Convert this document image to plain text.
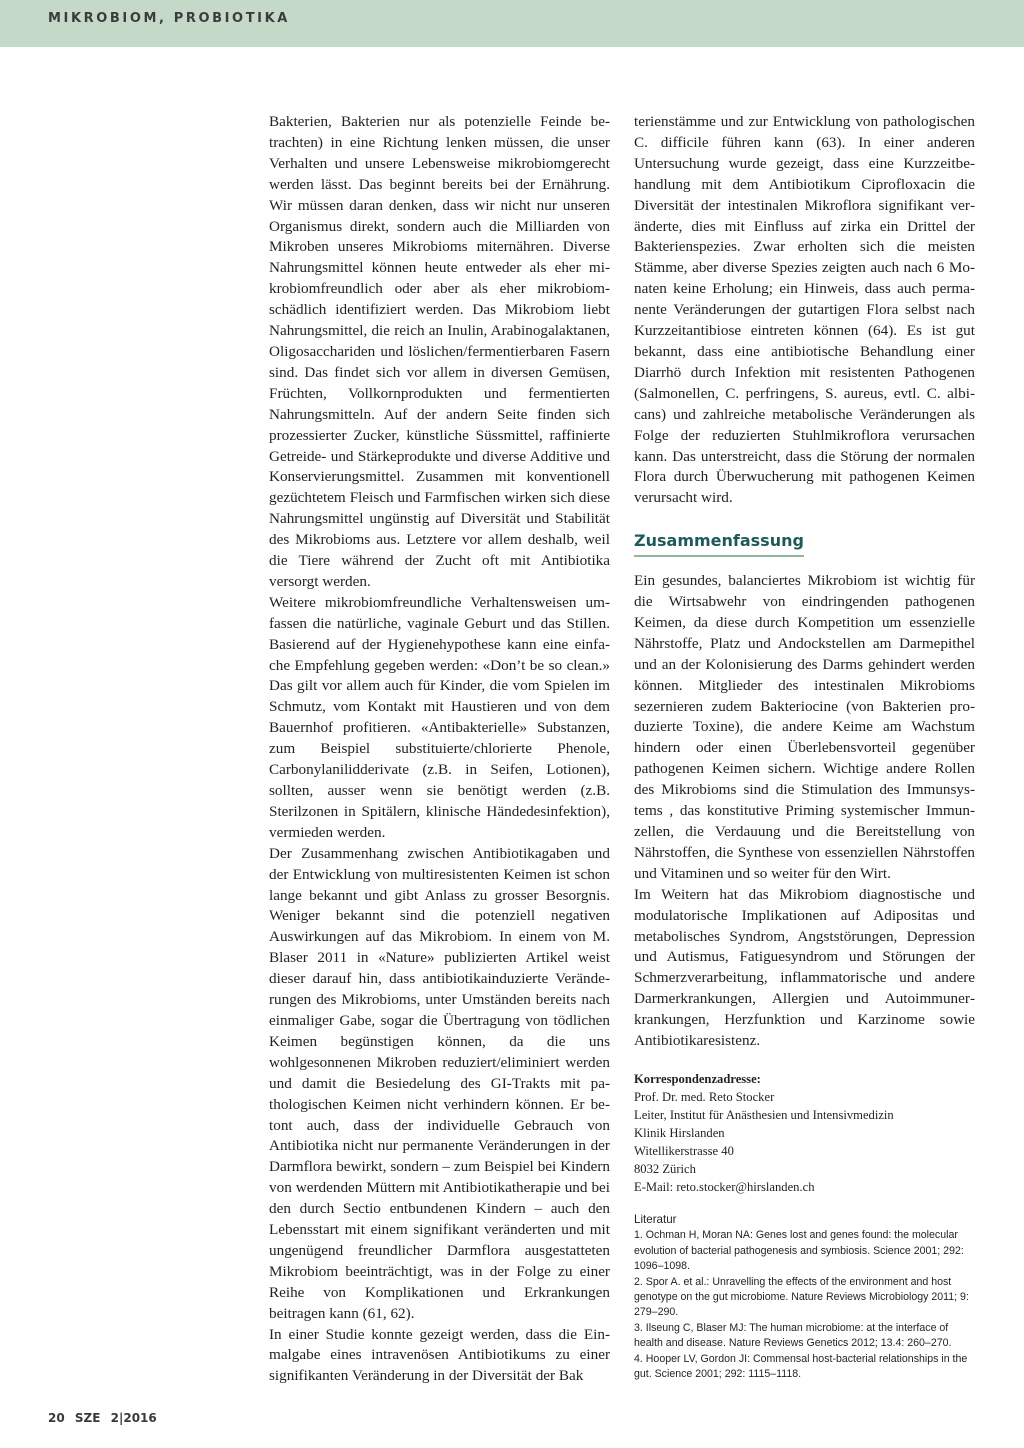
MIKROBIOM, PROBIOTIKA

Bakterien, Bakterien nur als potenzielle Feinde betrachten) in eine Richtung lenken müssen, die unser Verhalten und unsere Lebensweise mikrobiomgerecht werden lässt. Das beginnt bereits bei der Ernährung. Wir müssen daran denken, dass wir nicht nur unseren Organismus direkt, sondern auch die Milliarden von Mikroben unseres Mikrobioms miternähren. Diverse Nahrungsmittel können heute entweder als eher mikrobiomfreundlich oder aber als eher mikrobiomschädlich identifiziert werden. Das Mikrobiom liebt Nahrungsmittel, die reich an Inulin, Arabinogalaktanen, Oligosacchariden und löslichen/fermentierbaren Fasern sind. Das findet sich vor allem in diversen Gemüsen, Früchten, Vollkornprodukten und fermentierten Nahrungsmitteln. Auf der andern Seite finden sich prozessierter Zucker, künstliche Süssmittel, raffinierte Getreide- und Stärkeprodukte und diverse Additive und Konservierungsmittel. Zusammen mit konventionell gezüchtetem Fleisch und Farmfischen wirken sich diese Nahrungsmittel ungünstig auf Diversität und Stabilität des Mikrobioms aus. Letztere vor allem deshalb, weil die Tiere während der Zucht oft mit Antibiotika versorgt werden.

Weitere mikrobiomfreundliche Verhaltensweisen umfassen die natürliche, vaginale Geburt und das Stillen. Basierend auf der Hygienehypothese kann eine einfache Empfehlung gegeben werden: «Don’t be so clean.» Das gilt vor allem auch für Kinder, die vom Spielen im Schmutz, vom Kontakt mit Haustieren und von dem Bauernhof profitieren. «Antibakterielle» Substanzen, zum Beispiel substituierte/chlorierte Phenole, Carbonylanilidderivate (z.B. in Seifen, Lotionen), sollten, ausser wenn sie benötigt werden (z.B. Sterilzonen in Spitälern, klinische Händedesinfektion), vermieden werden.

Der Zusammenhang zwischen Antibiotikagaben und der Entwicklung von multiresistenten Keimen ist schon lange bekannt und gibt Anlass zu grosser Besorgnis. Weniger bekannt sind die potenziell negativen Auswirkungen auf das Mikrobiom. In einem von M. Blaser 2011 in «Nature» publizierten Artikel weist dieser darauf hin, dass antibiotikainduzierte Veränderungen des Mikrobioms, unter Umständen bereits nach einmaliger Gabe, sogar die Übertragung von tödlichen Keimen begünstigen können, da die uns wohlgesonnenen Mikroben reduziert/eliminiert werden und damit die Besiedelung des GI-Trakts mit pathologischen Keimen nicht verhindern können. Er betont auch, dass der individuelle Gebrauch von Antibiotika nicht nur permanente Veränderungen in der Darmflora bewirkt, sondern – zum Beispiel bei Kindern von werdenden Müttern mit Antibiotikatherapie und bei den durch Sectio entbundenen Kindern – auch den Lebensstart mit einem signifikant veränderten und mit ungenügend freundlicher Darmflora ausgestatteten Mikrobiom beeinträchtigt, was in der Folge zu einer Reihe von Komplikationen und Erkrankungen beitragen kann (61, 62).

In einer Studie konnte gezeigt werden, dass die Einmalgabe eines intravenösen Antibiotikums zu einer signifikanten Veränderung in der Diversität der Bak

terienstämme und zur Entwicklung von pathologischen C. difficile führen kann (63). In einer anderen Untersuchung wurde gezeigt, dass eine Kurzzeitbehandlung mit dem Antibiotikum Ciprofloxacin die Diversität der intestinalen Mikroflora signifikant veränderte, dies mit Einfluss auf zirka ein Drittel der Bakterienspezies. Zwar erholten sich die meisten Stämme, aber diverse Spezies zeigten auch nach 6 Monaten keine Erholung; ein Hinweis, dass auch permanente Veränderungen der gutartigen Flora selbst nach Kurzzeitantibiose eintreten können (64). Es ist gut bekannt, dass eine antibiotische Behandlung einer Diarrhö durch Infektion mit resistenten Pathogenen (Salmonellen, C. perfringens, S. aureus, evtl. C. albicans) und zahlreiche metabolische Veränderungen als Folge der reduzierten Stuhlmikroflora verursachen kann. Das unterstreicht, dass die Störung der normalen Flora durch Überwucherung mit pathogenen Keimen verursacht wird.

Zusammenfassung

Ein gesundes, balanciertes Mikrobiom ist wichtig für die Wirtsabwehr von eindringenden pathogenen Keimen, da diese durch Kompetition um essenzielle Nährstoffe, Platz und Andockstellen am Darmepithel und an der Kolonisierung des Darms gehindert werden können. Mitglieder des intestinalen Mikrobioms sezernieren zudem Bakteriocine (von Bakterien produzierte Toxine), die andere Keime am Wachstum hindern oder einen Überlebensvorteil gegenüber pathogenen Keimen sichern. Wichtige andere Rollen des Mikrobioms sind die Stimulation des Immunsystems , das konstitutive Priming systemischer Immunzellen, die Verdauung und die Bereitstellung von Nährstoffen, die Synthese von essenziellen Nährstoffen und Vitaminen und so weiter für den Wirt.

Im Weitern hat das Mikrobiom diagnostische und modulatorische Implikationen auf Adipositas und metabolisches Syndrom, Angststörungen, Depression und Autismus, Fatiguesyndrom und Störungen der Schmerzverarbeitung, inflammatorische und andere Darmerkrankungen, Allergien und Autoimmunerkrankungen, Herzfunktion und Karzinome sowie Antibiotikaresistenz.

Korrespondenzadresse:
Prof. Dr. med. Reto Stocker
Leiter, Institut für Anästhesien und Intensivmedizin
Klinik Hirslanden
Witellikerstrasse 40
8032 Zürich
E-Mail: reto.stocker@hirslanden.ch
Literatur

1. Ochman H, Moran NA: Genes lost and genes found: the molecular evolution of bacterial pathogenesis and symbiosis. Science 2001; 292: 1096–1098.

2. Spor A. et al.: Unravelling the effects of the environment and host genotype on the gut microbiome. Nature Reviews Microbiology 2011; 9: 279–290.

3. Ilseung C, Blaser MJ: The human microbiome: at the interface of health and disease. Nature Reviews Genetics 2012; 13.4: 260–270.

4. Hooper LV, Gordon JI: Commensal host-bacterial relationships in the gut. Science 2001; 292: 1115–1118.

20 SZE 2|2016
